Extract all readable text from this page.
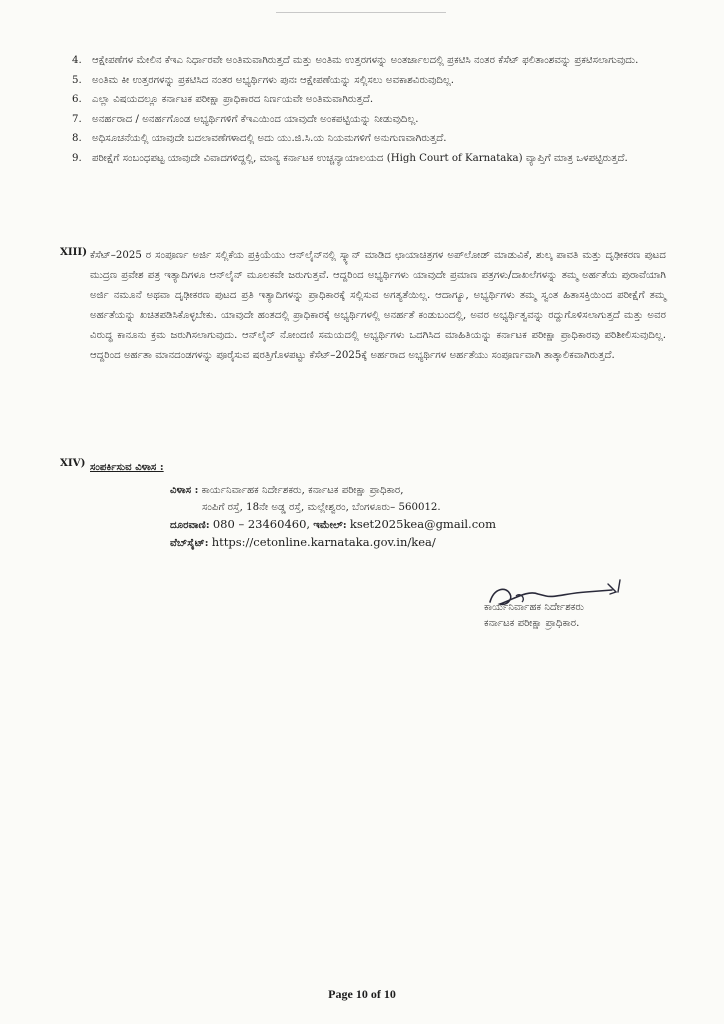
4.	ಆಕ್ಷೇಪಣೆಗಳ ಮೇಲಿನ ಕೆಇಎ ನಿರ್ಧಾರವೇ ಅಂತಿಮವಾಗಿರುತ್ತದೆ ಮತ್ತು ಅಂತಿಮ ಉತ್ತರಗಳನ್ನು ಅಂತರ್ಜಾಲದಲ್ಲಿ ಪ್ರಕಟಿಸಿ ನಂತರ ಕೆಸೆಟ್ ಫಲಿತಾಂಶವನ್ನು ಪ್ರಕಟಿಸಲಾಗುವುದು.
5.	ಅಂತಿಮ ಕೀ ಉತ್ತರಗಳನ್ನು ಪ್ರಕಟಿಸಿದ ನಂತರ ಅಭ್ಯರ್ಥಿಗಳು ಪುನಃ ಆಕ್ಷೇಪಣೆಯನ್ನು ಸಲ್ಲಿಸಲು ಅವಕಾಶವಿರುವುದಿಲ್ಲ.
6.	ಎಲ್ಲಾ ವಿಷಯದಲ್ಲೂ ಕರ್ನಾಟಕ ಪರೀಕ್ಷಾ ಪ್ರಾಧಿಕಾರದ ನಿರ್ಣಯವೇ ಅಂತಿಮವಾಗಿರುತ್ತದೆ.
7.	ಅನರ್ಹರಾದ / ಅನರ್ಹಗೊಂಡ ಅಭ್ಯರ್ಥಿಗಳಿಗೆ ಕೆಇಎಯಿಂದ ಯಾವುದೇ ಅಂಕಪಟ್ಟಿಯನ್ನು ನೀಡುವುದಿಲ್ಲ.
8.	ಅಧಿಸೂಚನೆಯಲ್ಲಿ ಯಾವುದೇ ಬದಲಾವಣೆಗಳಾದಲ್ಲಿ ಅದು ಯು.ಜಿ.ಸಿ.ಯ ನಿಯಮಗಳಿಗೆ ಅನುಗುಣವಾಗಿರುತ್ತದೆ.
9.	ಪರೀಕ್ಷೆಗೆ ಸಂಬಂಧಪಟ್ಟ ಯಾವುದೇ ವಿವಾದಗಳಿದ್ದಲ್ಲಿ, ಮಾನ್ಯ ಕರ್ನಾಟಕ ಉಚ್ಚನ್ಯಾಯಾಲಯದ (High Court of Karnataka) ವ್ಯಾಪ್ತಿಗೆ ಮಾತ್ರ ಒಳಪಟ್ಟಿರುತ್ತದೆ.
XIII) ಕೆಸೆಟ್–2025 ರ ಸಂಪೂರ್ಣ ಅರ್ಜಿ ಸಲ್ಲಿಕೆಯ ಪ್ರಕ್ರಿಯೆಯು ಆನ್‌ಲೈನ್‌ನಲ್ಲಿ ಸ್ಕ್ಯಾನ್ ಮಾಡಿದ ಛಾಯಾಚಿತ್ರಗಳ ಅಪ್‌ಲೋಡ್ ಮಾಡುವಿಕೆ, ಶುಲ್ಕ ಪಾವತಿ ಮತ್ತು ದೃಢೀಕರಣ ಪುಟದ ಮುದ್ರಣ ಪ್ರವೇಶ ಪತ್ರ ಇತ್ಯಾದಿಗಳೂ ಆನ್‌ಲೈನ್ ಮೂಲಕವೇ ಜರುಗುತ್ತವೆ. ಆದ್ದರಿಂದ ಅಭ್ಯರ್ಥಿಗಳು ಯಾವುದೇ ಪ್ರಮಾಣ ಪತ್ರಗಳು/ದಾಖಲೆಗಳನ್ನು ತಮ್ಮ ಅರ್ಹತೆಯ ಪುರಾವೆಯಾಗಿ ಅರ್ಜಿ ನಮೂನೆ ಅಥವಾ ದೃಢೀಕರಣ ಪುಟದ ಪ್ರತಿ ಇತ್ಯಾದಿಗಳನ್ನು ಪ್ರಾಧಿಕಾರಕ್ಕೆ ಸಲ್ಲಿಸುವ ಅಗತ್ಯತೆಯಿಲ್ಲ. ಆದಾಗ್ಯೂ, ಅಭ್ಯರ್ಥಿಗಳು ತಮ್ಮ ಸ್ವಂತ ಹಿತಾಸಕ್ತಿಯಿಂದ ಪರೀಕ್ಷೆಗೆ ತಮ್ಮ ಅರ್ಹತೆಯನ್ನು ಖಚಿತಪಡಿಸಿಕೊಳ್ಳಬೇಕು. ಯಾವುದೇ ಹಂತದಲ್ಲಿ ಪ್ರಾಧಿಕಾರಕ್ಕೆ ಅಭ್ಯರ್ಥಿಗಳಲ್ಲಿ ಅನರ್ಹತೆ ಕಂಡುಬಂದಲ್ಲಿ, ಅವರ ಅಭ್ಯರ್ಥಿತ್ವವನ್ನು ರದ್ದುಗೊಳಿಸಲಾಗುತ್ತದೆ ಮತ್ತು ಅವರ ವಿರುದ್ಧ ಕಾನೂನು ಕ್ರಮ ಜರುಗಿಸಲಾಗುವುದು. ಆನ್‌ಲೈನ್ ನೋಂದಣಿ ಸಮಯದಲ್ಲಿ ಅಭ್ಯರ್ಥಿಗಳು ಒದಗಿಸಿದ ಮಾಹಿತಿಯನ್ನು ಕರ್ನಾಟಕ ಪರೀಕ್ಷಾ ಪ್ರಾಧಿಕಾರವು ಪರಿಶೀಲಿಸುವುದಿಲ್ಲ. ಆದ್ದರಿಂದ ಅರ್ಹತಾ ಮಾನದಂಡಗಳನ್ನು ಪೂರೈಸುವ ಷರತ್ತಿಗೊಳಪಟ್ಟು ಕೆಸೆಟ್–2025ಕ್ಕೆ ಅರ್ಹರಾದ ಅಭ್ಯರ್ಥಿಗಳ ಅರ್ಹತೆಯು ಸಂಪೂರ್ಣವಾಗಿ ತಾತ್ಕಾಲಿಕವಾಗಿರುತ್ತದೆ.
XIV) ಸಂಪರ್ಕಿಸುವ ವಿಳಾಸ :
ವಿಳಾಸ : ಕಾರ್ಯನಿರ್ವಾಹಕ ನಿರ್ದೇಶಕರು, ಕರ್ನಾಟಕ ಪರೀಕ್ಷಾ ಪ್ರಾಧಿಕಾರ,
ಸಂಪಿಗೆ ರಸ್ತೆ, 18ನೇ ಅಡ್ಡ ರಸ್ತೆ, ಮಲ್ಲೇಶ್ವರಂ, ಬೆಂಗಳೂರು– 560012.
ದೂರವಾಣಿ: 080 – 23460460, ಇಮೇಲ್: kset2025kea@gmail.com
ವೆಬ್‌ಸೈಟ್: https://cetonline.karnataka.gov.in/kea/
ಕಾರ್ಯನಿರ್ವಾಹಕ ನಿರ್ದೇಶಕರು
ಕರ್ನಾಟಕ ಪರೀಕ್ಷಾ ಪ್ರಾಧಿಕಾರ.
Page 10 of 10
